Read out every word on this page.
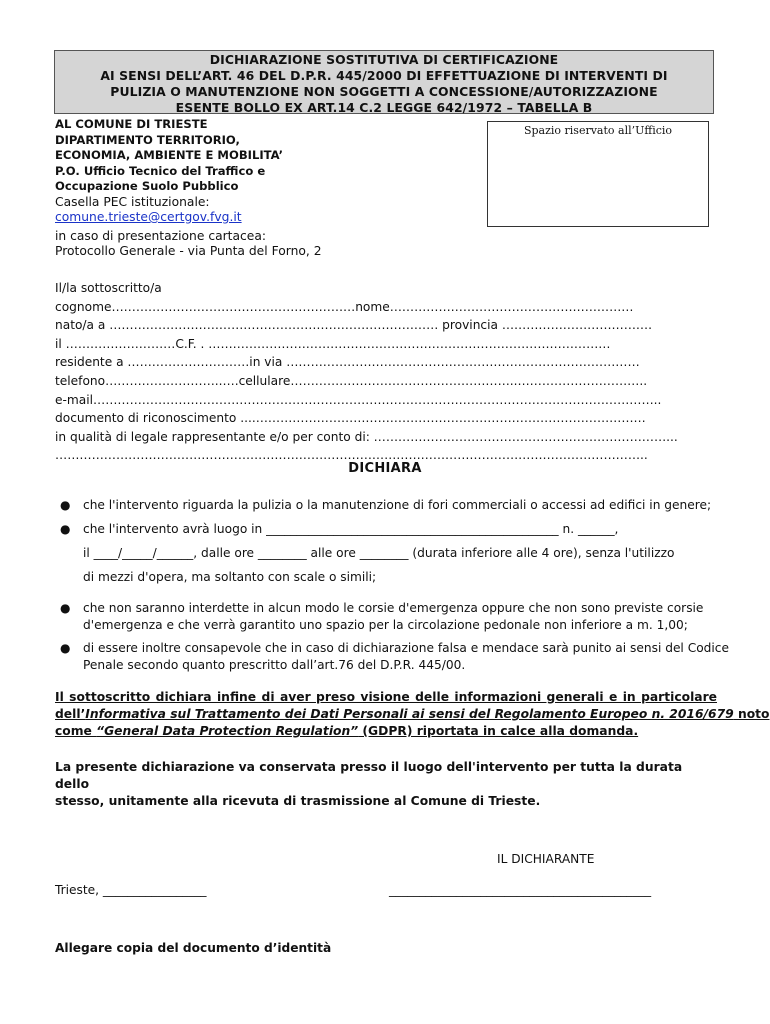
DICHIARAZIONE SOSTITUTIVA DI CERTIFICAZIONE
AI SENSI DELL’ART. 46 DEL D.P.R. 445/2000 DI EFFETTUAZIONE DI INTERVENTI DI
PULIZIA O MANUTENZIONE NON SOGGETTI A CONCESSIONE/AUTORIZZAZIONE
ESENTE BOLLO EX ART.14 C.2 LEGGE 642/1972 – TABELLA B
AL COMUNE DI TRIESTE
DIPARTIMENTO TERRITORIO,
ECONOMIA, AMBIENTE E MOBILITA’
P.O. Ufficio Tecnico del Traffico e
Occupazione Suolo Pubblico
Casella PEC istituzionale:
comune.trieste@certgov.fvg.it
in caso di presentazione cartacea:
Protocollo Generale - via Punta del Forno, 2
Spazio riservato all’Ufficio
Il/la sottoscritto/a
cognome……………………………………………………nome……………………………………………………
nato/a a ……………………………………………………………………… provincia ……………………………….
il ………………………C.F. . ………………………………………………………………………………………
residente a …………………………in via ……………………………………………………………………………
telefono………………………..….cellulare………………………………………………..…………………………..
e-mail…………………………………………………………………………………………………………………………..
documento di riconoscimento ....……………………………………………………………………………………
in qualità di legale rappresentante e/o per conto di: ………………………………………………………………...
………………………………………………………………………………………………………………………………..
DICHIARA
● che l'intervento riguarda la pulizia o la manutenzione di fori commerciali o accessi ad edifici in genere;
● che l'intervento avrà luogo in ________________________________________________ n. ______,
il ____/_____/______, dalle ore ________ alle ore ________ (durata inferiore alle 4 ore), senza l'utilizzo
di mezzi d'opera, ma soltanto con scale o simili;
● che non saranno interdette in alcun modo le corsie d'emergenza oppure che non sono previste corsie
d'emergenza e che verrà garantito uno spazio per la circolazione pedonale non inferiore a m. 1,00;
● di essere inoltre consapevole che in caso di dichiarazione falsa e mendace sarà punito ai sensi del Codice
Penale secondo quanto prescritto dall’art.76 del D.P.R. 445/00.
Il sottoscritto dichiara infine di aver preso visione delle informazioni generali e in particolare
dell’Informativa sul Trattamento dei Dati Personali ai sensi del Regolamento Europeo n. 2016/679 noto
come “General Data Protection Regulation” (GDPR) riportata in calce alla domanda.
La presente dichiarazione va conservata presso il luogo dell'intervento per tutta la durata dello
stesso, unitamente alla ricevuta di trasmissione al Comune di Trieste.
IL DICHIARANTE
Trieste, _________________	___________________________________________
Allegare copia del documento d’identità
